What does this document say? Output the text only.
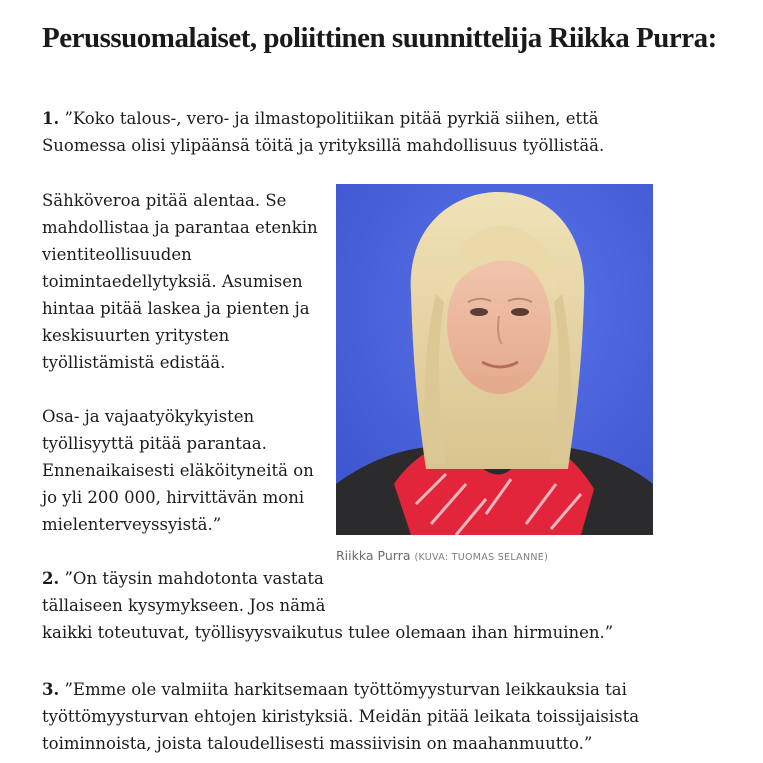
Perussuomalaiset, poliittinen suunnittelija Riikka Purra:

1. ”Koko talous-, vero- ja ilmastopolitiikan pitää pyrkiä siihen, että Suomessa olisi ylipäänsä töitä ja yrityksillä mahdollisuus työllistää.

Sähköveroa pitää alentaa. Se mahdollistaa ja parantaa etenkin vientiteollisuuden toimintaedellytyksiä. Asumisen hintaa pitää laskea ja pienten ja keskisuurten yritysten työllistämistä edistää.

Osa- ja vajaatyökykyisten työllisyyttä pitää parantaa. Ennenaikaisesti eläköityneitä on jo yli 200 000, hirvittävän moni mielenterveyssyistä.”

2. ”On täysin mahdotonta vastata tällaiseen kysymykseen. Jos nämä
kaikki toteutuvat, työllisyysvaikutus tulee olemaan ihan hirmuinen.”

3. ”Emme ole valmiita harkitsemaan työttömyysturvan leikkauksia tai työttömyysturvan ehtojen kiristyksiä. Meidän pitää leikata toissijaisista toiminnoista, joista taloudellisesti massiivisin on maahanmuutto.”

Riikka Purra (KUVA: TUOMAS SELANNE)
